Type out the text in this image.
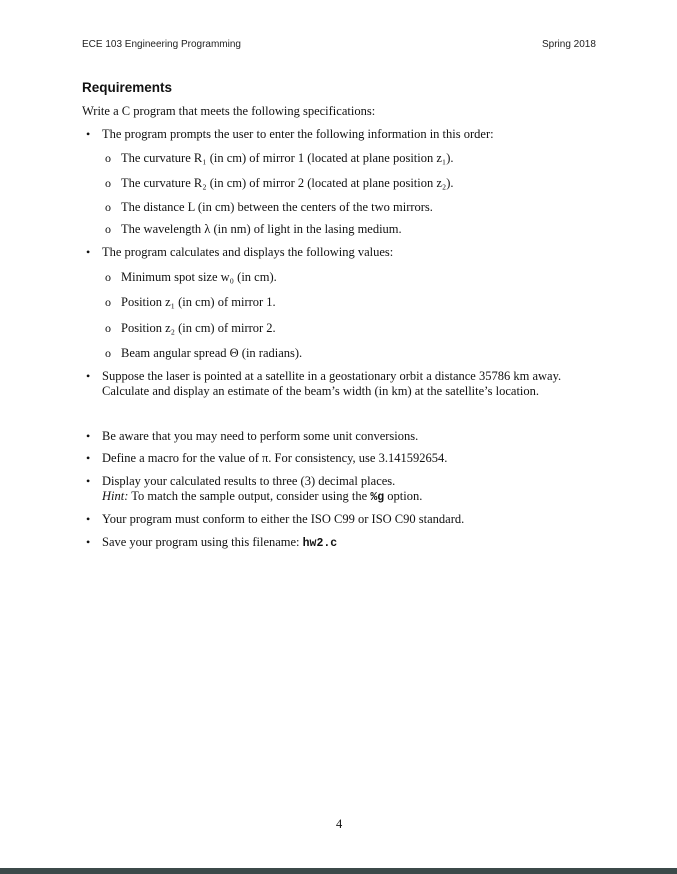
ECE 103 Engineering Programming	Spring 2018
Requirements
Write a C program that meets the following specifications:
• The program prompts the user to enter the following information in this order:
o The curvature R₁ (in cm) of mirror 1 (located at plane position z₁).
o The curvature R₂ (in cm) of mirror 2 (located at plane position z₂).
o The distance L (in cm) between the centers of the two mirrors.
o The wavelength λ (in nm) of light in the lasing medium.
• The program calculates and displays the following values:
o Minimum spot size w₀ (in cm).
o Position z₁ (in cm) of mirror 1.
o Position z₂ (in cm) of mirror 2.
o Beam angular spread Θ (in radians).
• Suppose the laser is pointed at a satellite in a geostationary orbit a distance 35786 km away.
Calculate and display an estimate of the beam’s width (in km) at the satellite’s location.
• Be aware that you may need to perform some unit conversions.
• Define a macro for the value of π. For consistency, use 3.141592654.
• Display your calculated results to three (3) decimal places.
Hint: To match the sample output, consider using the %g option.
• Your program must conform to either the ISO C99 or ISO C90 standard.
• Save your program using this filename: hw2.c
4
